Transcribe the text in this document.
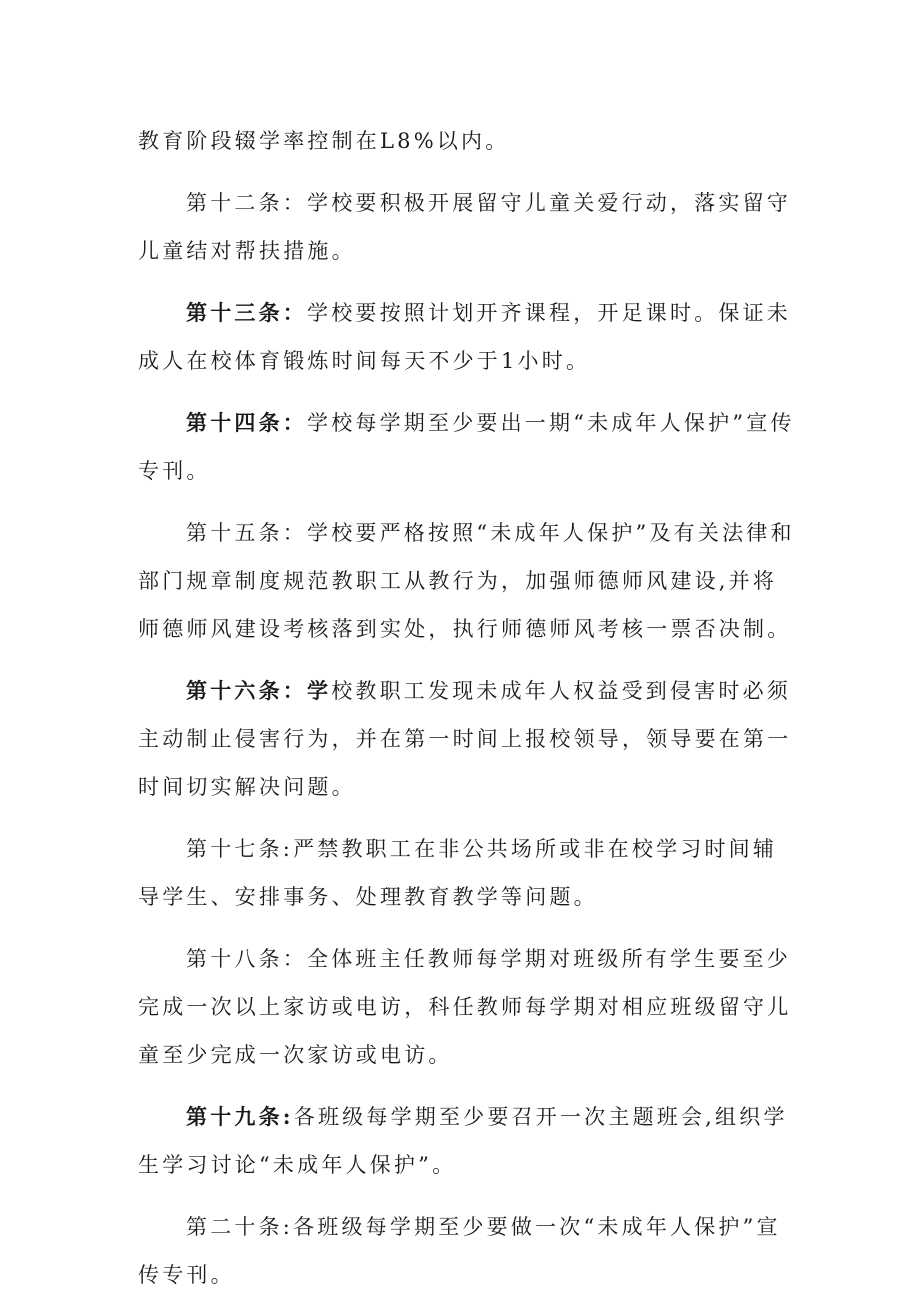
教育阶段辍学率控制在L8%以内。

第十二条：学校要积极开展留守儿童关爱行动，落实留守儿童结对帮扶措施。

第十三条：学校要按照计划开齐课程，开足课时。保证未成人在校体育锻炼时间每天不少于1小时。

第十四条：学校每学期至少要出一期“未成年人保护”宣传专刊。

第十五条：学校要严格按照“未成年人保护”及有关法律和部门规章制度规范教职工从教行为，加强师德师风建设,并将师德师风建设考核落到实处，执行师德师风考核一票否决制。

第十六条：学校教职工发现未成年人权益受到侵害时必须主动制止侵害行为，并在第一时间上报校领导，领导要在第一时间切实解决问题。

第十七条:严禁教职工在非公共场所或非在校学习时间辅导学生、安排事务、处理教育教学等问题。

第十八条：全体班主任教师每学期对班级所有学生要至少完成一次以上家访或电访，科任教师每学期对相应班级留守儿童至少完成一次家访或电访。

第十九条:各班级每学期至少要召开一次主题班会,组织学生学习讨论“未成年人保护”。

第二十条:各班级每学期至少要做一次“未成年人保护”宣传专刊。
